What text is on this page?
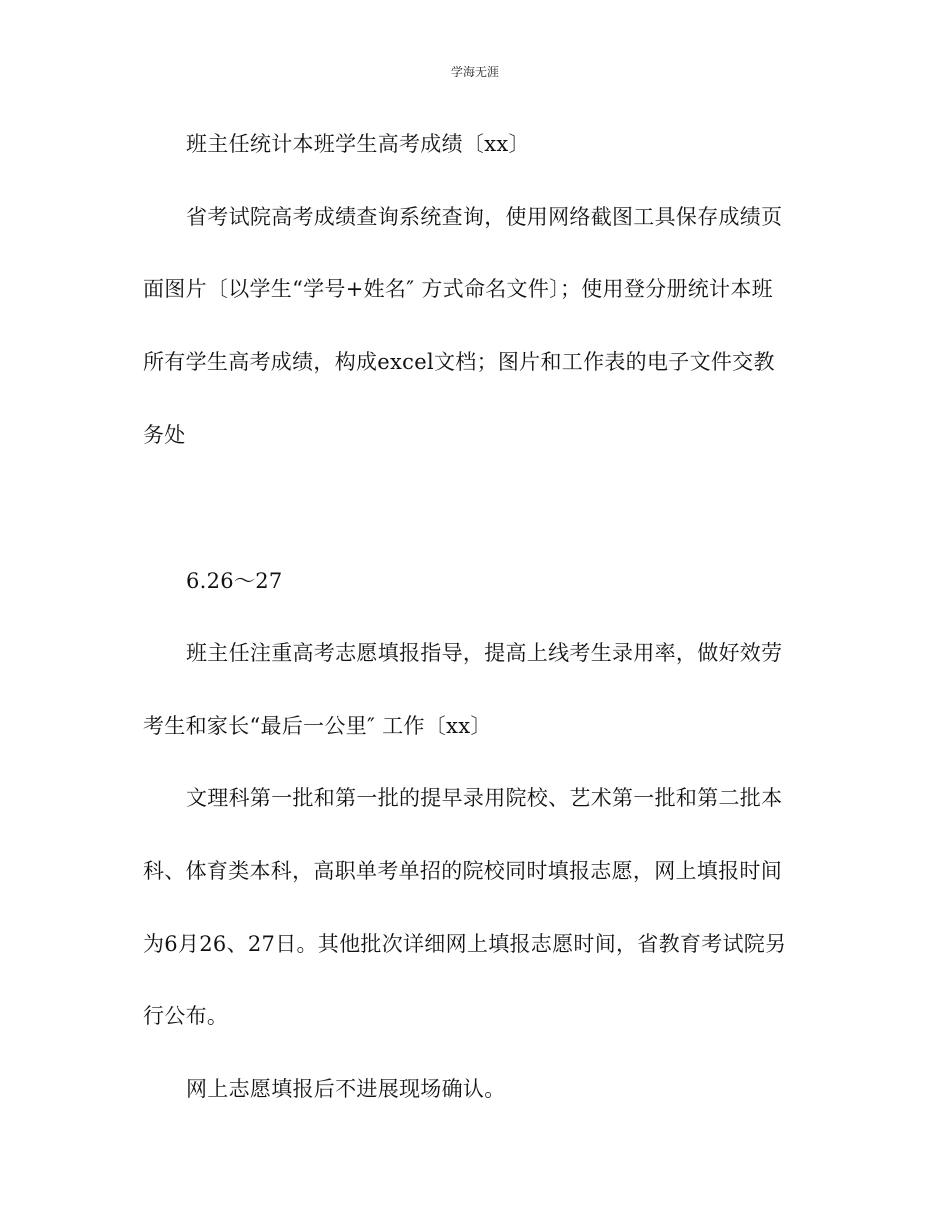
学海无涯
班主任统计本班学生高考成绩〔xx〕
省考试院高考成绩查询系统查询，使用网络截图工具保存成绩页
面图片〔以学生“学号+姓名″ 方式命名文件〕；使用登分册统计本班
所有学生高考成绩，构成excel文档；图片和工作表的电子文件交教
务处
6.26～27
班主任注重高考志愿填报指导，提高上线考生录用率，做好效劳
考生和家长“最后一公里″ 工作〔xx〕
文理科第一批和第一批的提早录用院校、艺术第一批和第二批本
科、体育类本科，高职单考单招的院校同时填报志愿，网上填报时间
为6月26、27日。其他批次详细网上填报志愿时间，省教育考试院另
行公布。
网上志愿填报后不进展现场确认。
